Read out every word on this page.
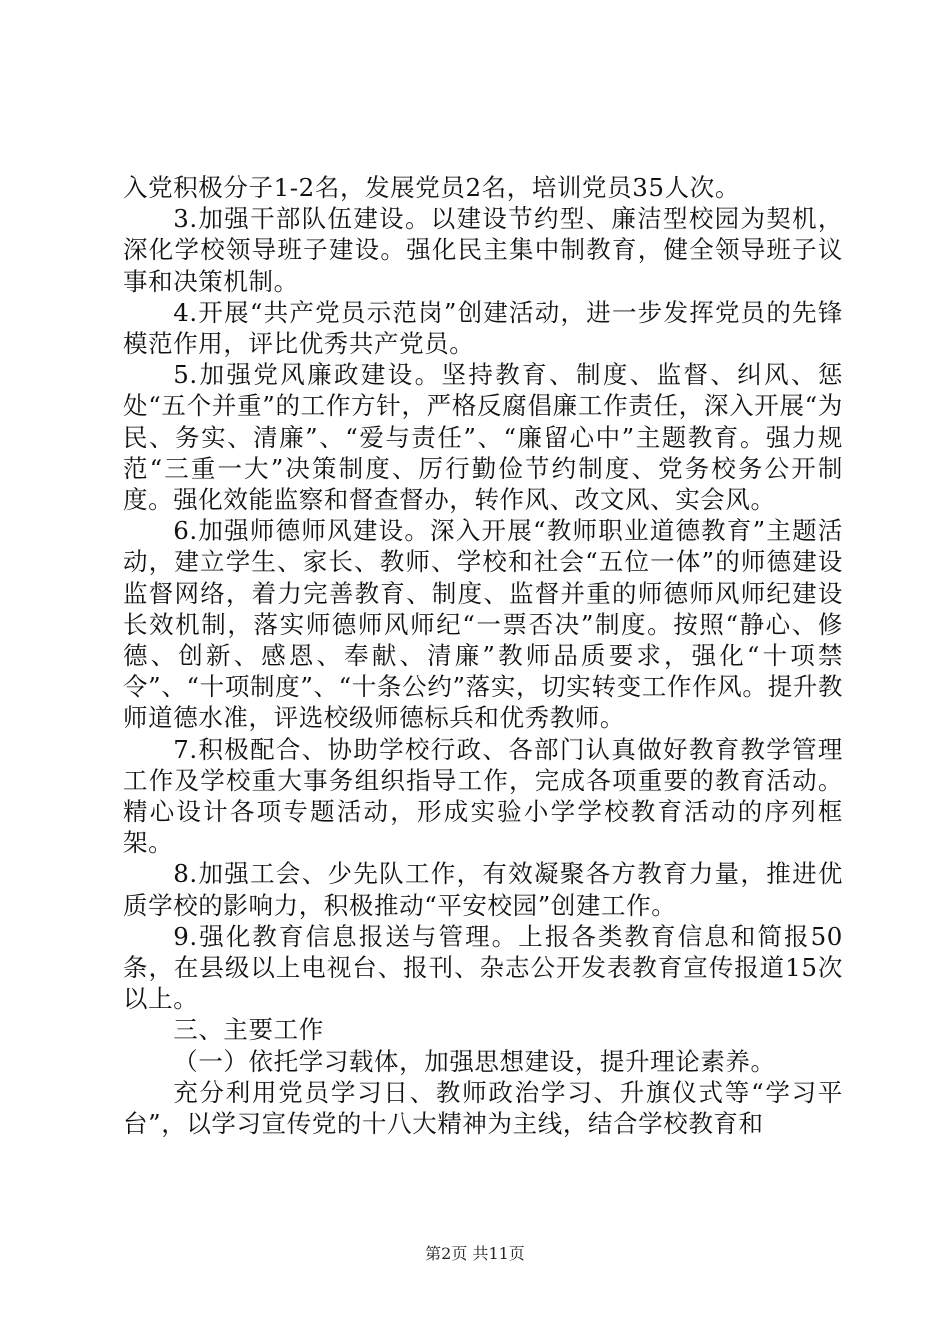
入党积极分子1-2名，发展党员2名，培训党员35人次。

3.加强干部队伍建设。以建设节约型、廉洁型校园为契机，深化学校领导班子建设。强化民主集中制教育，健全领导班子议事和决策机制。

4.开展“共产党员示范岗”创建活动，进一步发挥党员的先锋模范作用，评比优秀共产党员。

5.加强党风廉政建设。坚持教育、制度、监督、纠风、惩处“五个并重”的工作方针，严格反腐倡廉工作责任，深入开展“为民、务实、清廉”、“爱与责任”、“廉留心中”主题教育。强力规范“三重一大”决策制度、厉行勤俭节约制度、党务校务公开制度。强化效能监察和督查督办，转作风、改文风、实会风。

6.加强师德师风建设。深入开展“教师职业道德教育”主题活动，建立学生、家长、教师、学校和社会“五位一体”的师德建设监督网络，着力完善教育、制度、监督并重的师德师风师纪建设长效机制，落实师德师风师纪“一票否决”制度。按照“静心、修德、创新、感恩、奉献、清廉”教师品质要求，强化“十项禁令”、“十项制度”、“十条公约”落实，切实转变工作作风。提升教师道德水准，评选校级师德标兵和优秀教师。

7.积极配合、协助学校行政、各部门认真做好教育教学管理工作及学校重大事务组织指导工作，完成各项重要的教育活动。精心设计各项专题活动，形成实验小学学校教育活动的序列框架。

8.加强工会、少先队工作，有效凝聚各方教育力量，推进优质学校的影响力，积极推动“平安校园”创建工作。

9.强化教育信息报送与管理。上报各类教育信息和简报50条，在县级以上电视台、报刊、杂志公开发表教育宣传报道15次以上。

三、主要工作

（一）依托学习载体，加强思想建设，提升理论素养。

充分利用党员学习日、教师政治学习、升旗仪式等“学习平台”，以学习宣传党的十八大精神为主线，结合学校教育和

第2页 共11页
